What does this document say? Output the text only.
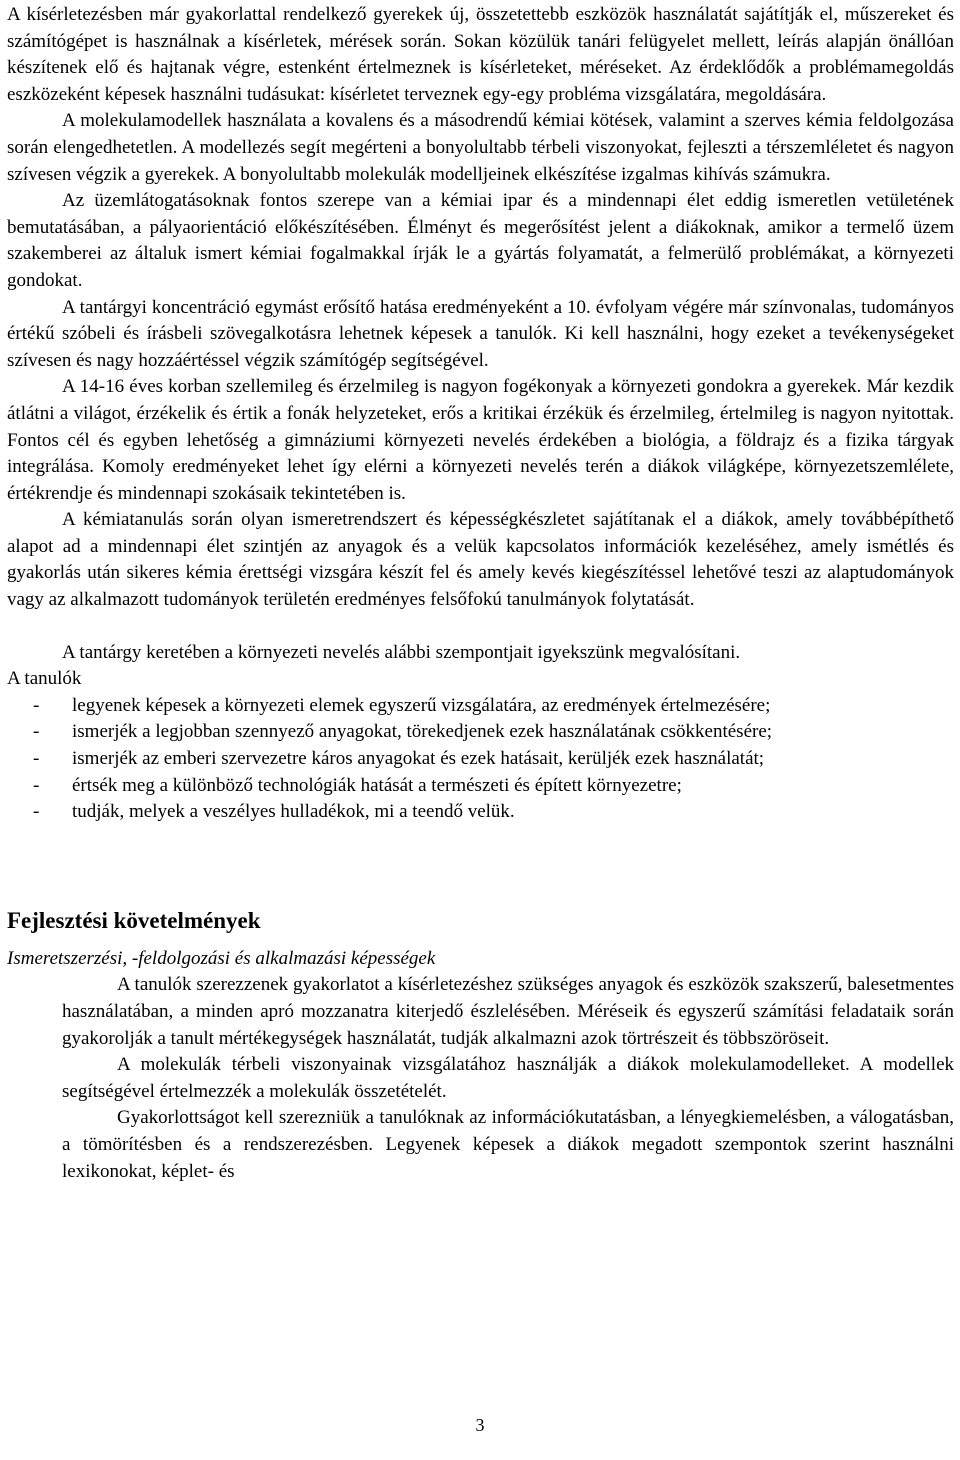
A kísérletezésben már gyakorlattal rendelkező gyerekek új, összetettebb eszközök használatát sajátítják el, műszereket és számítógépet is használnak a kísérletek, mérések során. Sokan közülük tanári felügyelet mellett, leírás alapján önállóan készítenek elő és hajtanak végre, estenként értelmeznek is kísérleteket, méréseket. Az érdeklődők a problémamegoldás eszközeként képesek használni tudásukat: kísérletet terveznek egy-egy probléma vizsgálatára, megoldására.

A molekulamodellek használata a kovalens és a másodrendű kémiai kötések, valamint a szerves kémia feldolgozása során elengedhetetlen. A modellezés segít megérteni a bonyolultabb térbeli viszonyokat, fejleszti a térszemléletet és nagyon szívesen végzik a gyerekek. A bonyolultabb molekulák modelljeinek elkészítése izgalmas kihívás számukra.

Az üzemlátogatásoknak fontos szerepe van a kémiai ipar és a mindennapi élet eddig ismeretlen vetületének bemutatásában, a pályaorientáció előkészítésében. Élményt és megerősítést jelent a diákoknak, amikor a termelő üzem szakemberei az általuk ismert kémiai fogalmakkal írják le a gyártás folyamatát, a felmerülő problémákat, a környezeti gondokat.

A tantárgyi koncentráció egymást erősítő hatása eredményeként a 10. évfolyam végére már színvonalas, tudományos értékű szóbeli és írásbeli szövegalkotásra lehetnek képesek a tanulók. Ki kell használni, hogy ezeket a tevékenységeket szívesen és nagy hozzáértéssel végzik számítógép segítségével.

A 14-16 éves korban szellemileg és érzelmileg is nagyon fogékonyak a környezeti gondokra a gyerekek. Már kezdik átlátni a világot, érzékelik és értik a fonák helyzeteket, erős a kritikai érzékük és érzelmileg, értelmileg is nagyon nyitottak. Fontos cél és egyben lehetőség a gimnáziumi környezeti nevelés érdekében a biológia, a földrajz és a fizika tárgyak integrálása. Komoly eredményeket lehet így elérni a környezeti nevelés terén a diákok világképe, környezetszemlélete, értékrendje és mindennapi szokásaik tekintetében is.

A kémiatanulás során olyan ismeretrendszert és képességkészletet sajátítanak el a diákok, amely továbbépíthető alapot ad a mindennapi élet szintjén az anyagok és a velük kapcsolatos információk kezeléséhez, amely ismétlés és gyakorlás után sikeres kémia érettségi vizsgára készít fel és amely kevés kiegészítéssel lehetővé teszi az alaptudományok vagy az alkalmazott tudományok területén eredményes felsőfokú tanulmányok folytatását.

A tantárgy keretében a környezeti nevelés alábbi szempontjait igyekszünk megvalósítani.

A tanulók

- legyenek képesek a környezeti elemek egyszerű vizsgálatára, az eredmények értelmezésére;
- ismerjék a legjobban szennyező anyagokat, törekedjenek ezek használatának csökkentésére;
- ismerjék az emberi szervezetre káros anyagokat és ezek hatásait, kerüljék ezek használatát;
- értsék meg a különböző technológiák hatását a természeti és épített környezetre;
- tudják, melyek a veszélyes hulladékok, mi a teendő velük.
Fejlesztési követelmények

Ismeretszerzési, -feldolgozási és alkalmazási képességek

A tanulók szerezzenek gyakorlatot a kísérletezéshez szükséges anyagok és eszközök szakszerű, balesetmentes használatában, a minden apró mozzanatra kiterjedő észlelésében. Méréseik és egyszerű számítási feladataik során gyakorolják a tanult mértékegységek használatát, tudják alkalmazni azok törtrészeit és többszöröseit.

A molekulák térbeli viszonyainak vizsgálatához használják a diákok molekulamodelleket. A modellek segítségével értelmezzék a molekulák összetételét.

Gyakorlottságot kell szerezniük a tanulóknak az információkutatásban, a lényegkiemelésben, a válogatásban, a tömörítésben és a rendszerezésben. Legyenek képesek a diákok megadott szempontok szerint használni lexikonokat, képlet- és

3
